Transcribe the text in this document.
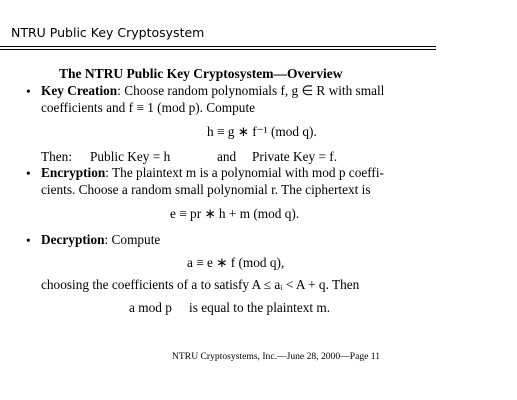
NTRU Public Key Cryptosystem
The NTRU Public Key Cryptosystem—Overview
• Key Creation: Choose random polynomials f, g ∈ R with small
coefficients and f ≡ 1 (mod p). Compute
h ≡ g ∗ f⁻¹ (mod q).
Then: Public Key = h	and Private Key = f.
• Encryption: The plaintext m is a polynomial with mod p coeffi-
cients. Choose a random small polynomial r. The ciphertext is
e ≡ pr ∗ h + m (mod q).
• Decryption: Compute
a ≡ e ∗ f (mod q),
choosing the coefficients of a to satisfy A ≤ aᵢ < A + q. Then
a mod p is equal to the plaintext m.
NTRU Cryptosystems, Inc.—June 28, 2000—Page 11
